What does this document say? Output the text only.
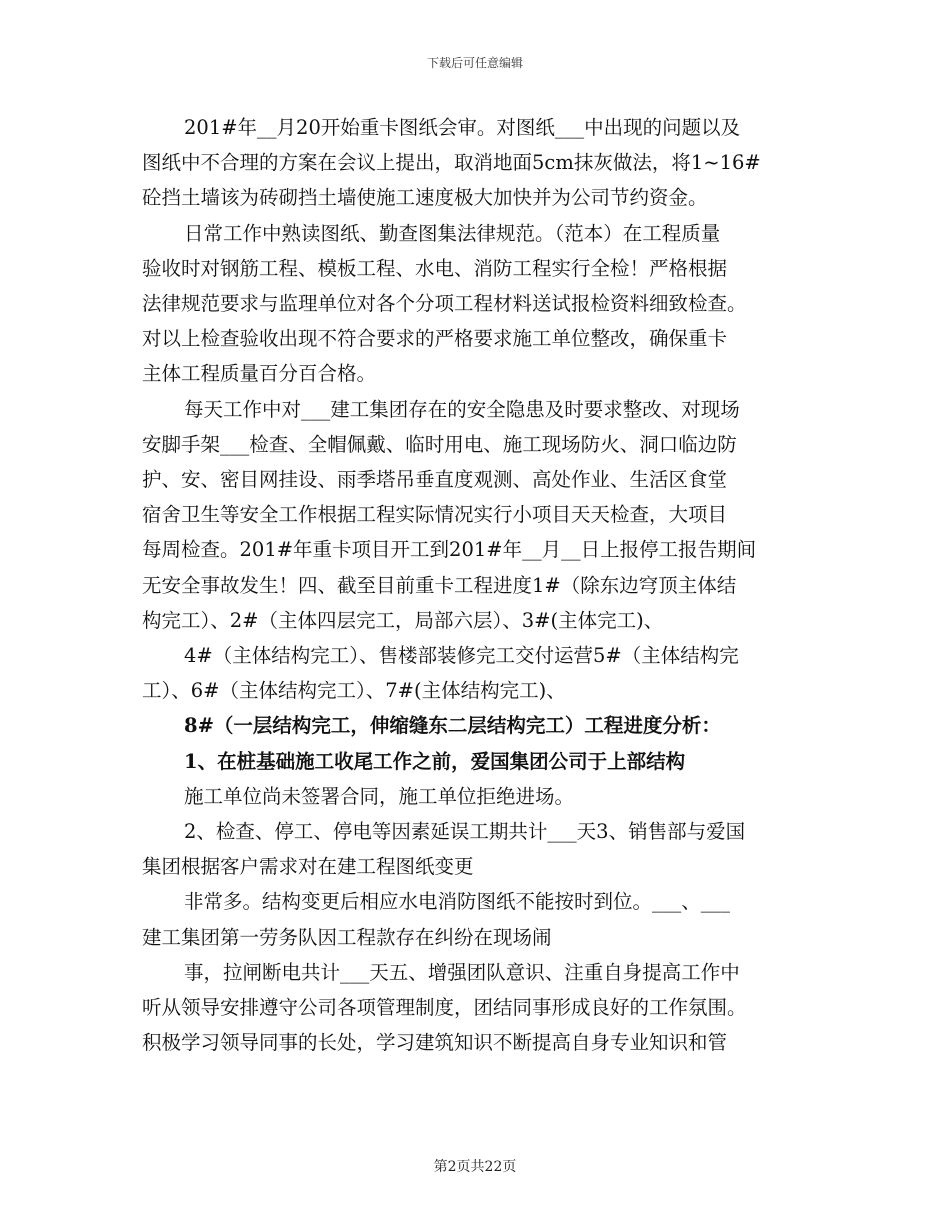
下载后可任意编辑

201#年__月20开始重卡图纸会审。对图纸___中出现的问题以及

图纸中不合理的方案在会议上提出，取消地面5cm抹灰做法，将1~16#

砼挡土墙该为砖砌挡土墙使施工速度极大加快并为公司节约资金。

日常工作中熟读图纸、勤查图集法律规范。（范本）在工程质量

验收时对钢筋工程、模板工程、水电、消防工程实行全检！严格根据

法律规范要求与监理单位对各个分项工程材料送试报检资料细致检查。

对以上检查验收出现不符合要求的严格要求施工单位整改，确保重卡

主体工程质量百分百合格。

每天工作中对___建工集团存在的安全隐患及时要求整改、对现场

安脚手架___检查、全帽佩戴、临时用电、施工现场防火、洞口临边防

护、安、密目网挂设、雨季塔吊垂直度观测、高处作业、生活区食堂

宿舍卫生等安全工作根据工程实际情况实行小项目天天检查，大项目

每周检查。201#年重卡项目开工到201#年__月__日上报停工报告期间

无安全事故发生！四、截至目前重卡工程进度1#（除东边穹顶主体结

构完工）、2#（主体四层完工，局部六层）、3#(主体完工)、

4#（主体结构完工）、售楼部装修完工交付运营5#（主体结构完

工）、6#（主体结构完工）、7#(主体结构完工)、

8#（一层结构完工，伸缩缝东二层结构完工）工程进度分析：

1、在桩基础施工收尾工作之前，爱国集团公司于上部结构

施工单位尚未签署合同，施工单位拒绝进场。

2、检查、停工、停电等因素延误工期共计___天3、销售部与爱国

集团根据客户需求对在建工程图纸变更

非常多。结构变更后相应水电消防图纸不能按时到位。___、___

建工集团第一劳务队因工程款存在纠纷在现场闹

事，拉闸断电共计___天五、增强团队意识、注重自身提高工作中

听从领导安排遵守公司各项管理制度，团结同事形成良好的工作氛围。

积极学习领导同事的长处，学习建筑知识不断提高自身专业知识和管

第2页共22页
